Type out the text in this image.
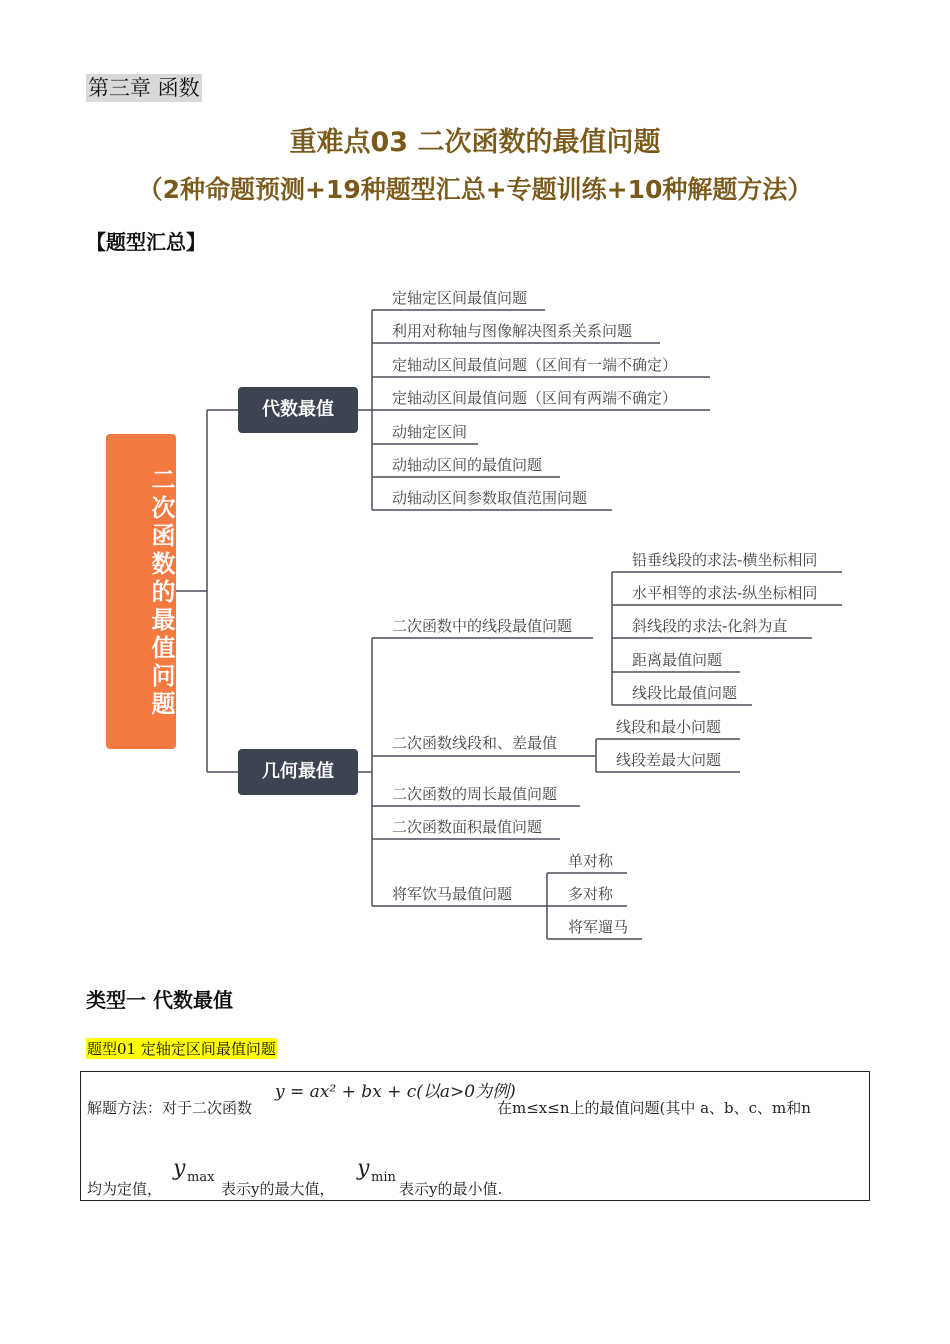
第三章 函数
重难点03 二次函数的最值问题
（2种命题预测+19种题型汇总+专题训练+10种解题方法）
【题型汇总】
二次函数的最值问题
代数最值
几何最值
定轴定区间最值问题
利用对称轴与图像解决图系关系问题
定轴动区间最值问题（区间有一端不确定）
定轴动区间最值问题（区间有两端不确定）
动轴定区间
动轴动区间的最值问题
动轴动区间参数取值范围问题
二次函数中的线段最值问题
铅垂线段的求法-横坐标相同
水平相等的求法-纵坐标相同
斜线段的求法-化斜为直
距离最值问题
线段比最值问题
二次函数线段和、差最值
线段和最小问题
线段差最大问题
二次函数的周长最值问题
二次函数面积最值问题
将军饮马最值问题
单对称
多对称
将军遛马
类型一 代数最值
题型01 定轴定区间最值问题
解题方法：对于二次函数
y = ax² + bx + c(以a>0为例)
在m≤x≤n上的最值问题(其中 a、b、c、m和n
均为定值，
y max
表示y的最大值，
y min
表示y的最小值.
